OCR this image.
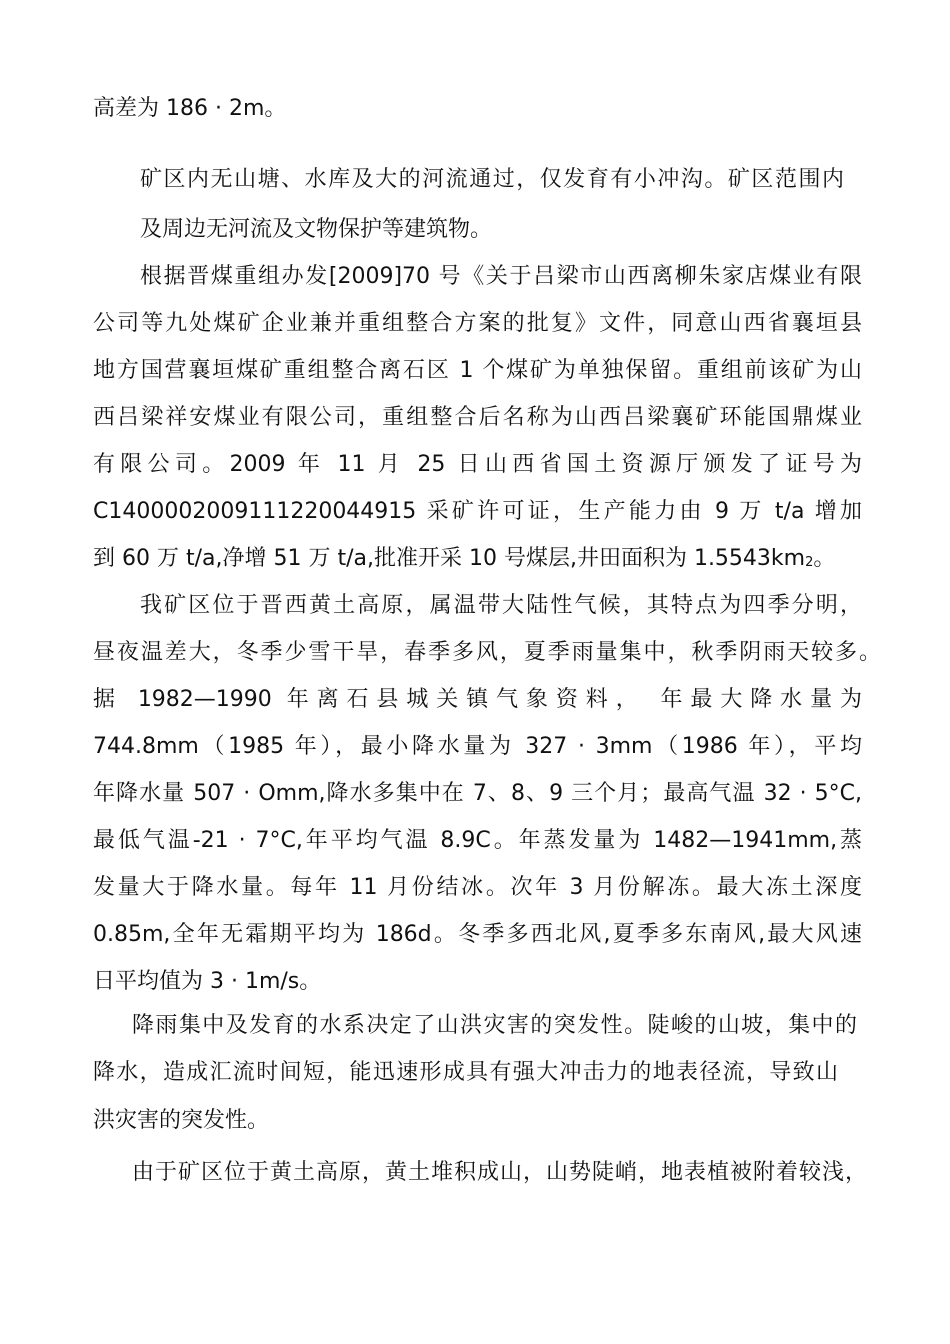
高差为 186 · 2m。

矿区内无山塘、水库及大的河流通过，仅发育有小冲沟。矿区范围内

及周边无河流及文物保护等建筑物。

根据晋煤重组办发[2009]70 号《关于吕梁市山西离柳朱家店煤业有限

公司等九处煤矿企业兼并重组整合方案的批复》文件，同意山西省襄垣县

地方国营襄垣煤矿重组整合离石区 1 个煤矿为单独保留。重组前该矿为山

西吕梁祥安煤业有限公司，重组整合后名称为山西吕梁襄矿环能国鼎煤业

有限公司。2009 年 11 月 25 日山西省国土资源厅颁发了证号为

C1400002009111220044915 采矿许可证，生产能力由 9 万 t/a 增加

到 60 万 t/a,净增 51 万 t/a,批准开采 10 号煤层,井田面积为 $1.5543km_2$。

我矿区位于晋西黄土高原，属温带大陆性气候，其特点为四季分明，

昼夜温差大，冬季少雪干旱，春季多风，夏季雨量集中，秋季阴雨天较多。

据 1982—1990 年离石县城关镇气象资料， 年最大降水量为

744.8mm（1985 年），最小降水量为 327 · 3mm（1986 年），平均

年降水量 507 · Omm,降水多集中在 7、8、9 三个月；最高气温 32 · 5°C,

最低气温-21 · 7°C,年平均气温 8.9C。年蒸发量为 1482—1941mm,蒸

发量大于降水量。每年 11 月份结冰。次年 3 月份解冻。最大冻土深度

0.85m,全年无霜期平均为 186d。冬季多西北风,夏季多东南风,最大风速

日平均值为 3 · 1m/s。

降雨集中及发育的水系决定了山洪灾害的突发性。陡峻的山坡，集中的

降水，造成汇流时间短，能迅速形成具有强大冲击力的地表径流，导致山

洪灾害的突发性。

由于矿区位于黄土高原，黄土堆积成山，山势陡峭，地表植被附着较浅，
